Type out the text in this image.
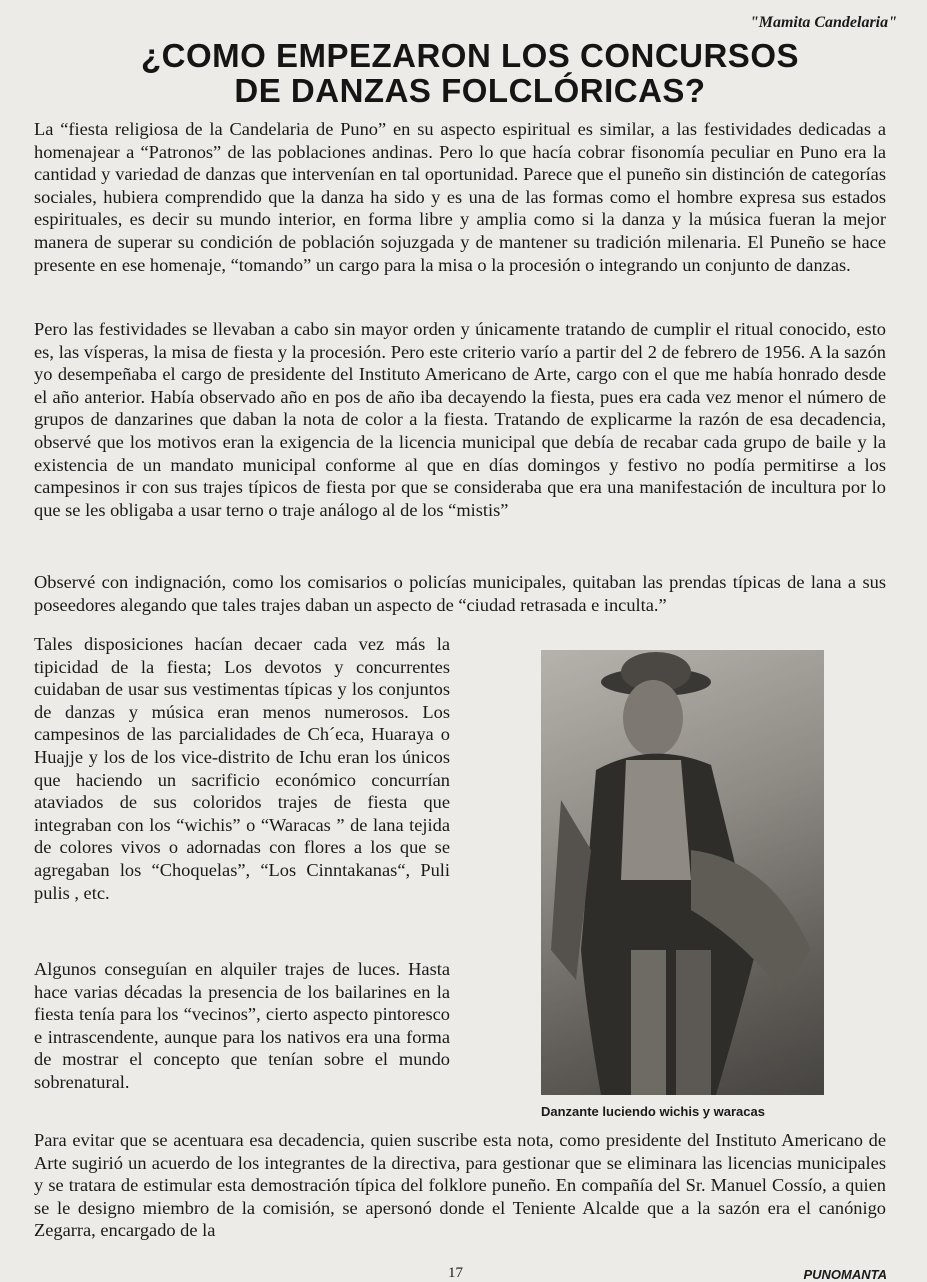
"Mamita Candelaria"
¿COMO EMPEZARON LOS CONCURSOS
DE DANZAS FOLCLÓRICAS?

La “fiesta religiosa de la Candelaria de Puno” en su aspecto espiritual es similar, a las festividades dedicadas a homenajear a “Patronos” de las poblaciones andinas. Pero lo que hacía cobrar fisonomía peculiar en Puno era la cantidad y variedad de danzas que intervenían en tal oportunidad. Parece que el puneño sin distinción de categorías sociales, hubiera comprendido que la danza ha sido y es una de las formas como el hombre expresa sus estados espirituales, es decir su mundo interior, en forma libre y amplia como si la danza y la música fueran la mejor manera de superar su condición de población sojuzgada y de mantener su tradición milenaria. El Puneño se hace presente en ese homenaje, “tomando” un cargo para la misa o la procesión o integrando un conjunto de danzas.

Pero las festividades se llevaban a cabo sin mayor orden y únicamente tratando de cumplir el ritual conocido, esto es, las vísperas, la misa de fiesta y la procesión. Pero este criterio varío a partir del 2 de febrero de 1956. A la sazón yo desempeñaba el cargo de presidente del Instituto Americano de Arte, cargo con el que me había honrado desde el año anterior. Había observado año en pos de año iba decayendo la fiesta, pues era cada vez menor el número de grupos de danzarines que daban la nota de color a la fiesta. Tratando de explicarme la razón de esa decadencia, observé que los motivos eran la exigencia de la licencia municipal que debía de recabar cada grupo de baile y la existencia de un mandato municipal conforme al que en días domingos y festivo no podía permitirse a los campesinos ir con sus trajes típicos de fiesta por que se consideraba que era una manifestación de incultura por lo que se les obligaba a usar terno o traje análogo al de los “mistis”

Observé con indignación, como los comisarios o policías municipales, quitaban las prendas típicas de lana a sus poseedores alegando que tales trajes daban un aspecto de “ciudad retrasada e inculta.”

Tales disposiciones hacían decaer cada vez más la tipicidad de la fiesta; Los devotos y concurrentes cuidaban de usar sus vestimentas típicas y los conjuntos de danzas y música eran menos numerosos. Los campesinos de las parcialidades de Ch´eca, Huaraya o Huajje y los de los vice-distrito de Ichu eran los únicos que haciendo un sacrificio económico concurrían ataviados de sus coloridos trajes de fiesta que integraban con los “wichis” o “Waracas ” de lana tejida de colores vivos o adornadas con flores a los que se agregaban los “Choquelas”, “Los Cinntakanas“, Puli pulis , etc.

Algunos conseguían en alquiler trajes de luces. Hasta hace varias décadas la presencia de los bailarines en la fiesta tenía para los “vecinos”, cierto aspecto pintoresco e intrascendente, aunque para los nativos era una forma de mostrar el concepto que tenían sobre el mundo sobrenatural.

Danzante luciendo wichis y waracas

Para evitar que se acentuara esa decadencia, quien suscribe esta nota, como presidente del Instituto Americano de Arte sugirió un acuerdo de los integrantes de la directiva, para gestionar que se eliminara las licencias municipales y se tratara de estimular esta demostración típica del folklore puneño. En compañía del Sr. Manuel Cossío, a quien se le designo miembro de la comisión, se apersonó donde el Teniente Alcalde que a la sazón era el canónigo Zegarra, encargado de la

17	PUNOMANTA
